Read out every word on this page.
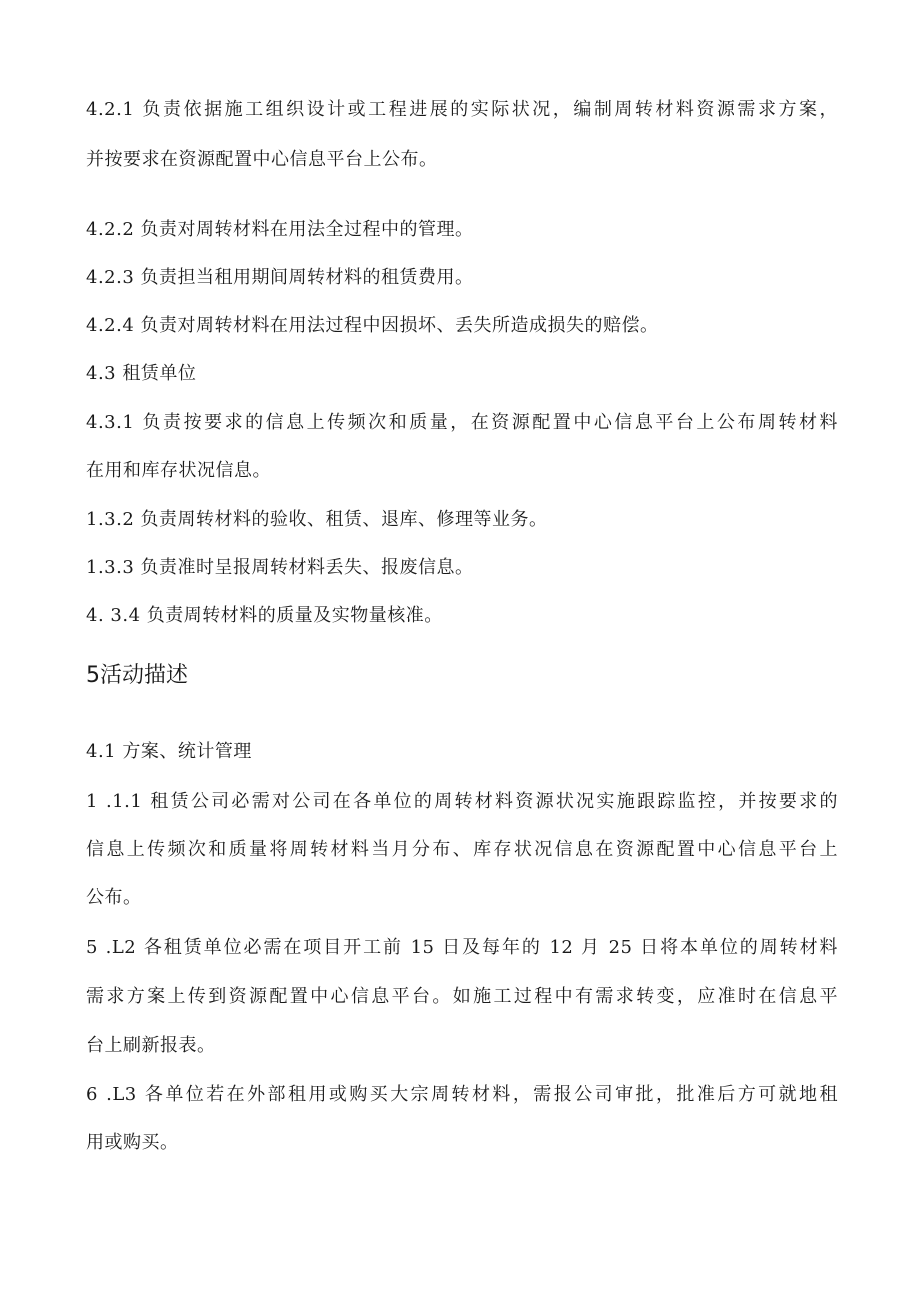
4.2.1 负责依据施工组织设计或工程进展的实际状况，编制周转材料资源需求方案，
并按要求在资源配置中心信息平台上公布。
4.2.2 负责对周转材料在用法全过程中的管理。
4.2.3 负责担当租用期间周转材料的租赁费用。
4.2.4 负责对周转材料在用法过程中因损坏、丢失所造成损失的赔偿。
4.3 租赁单位
4.3.1 负责按要求的信息上传频次和质量，在资源配置中心信息平台上公布周转材料
在用和库存状况信息。
1.3.2 负责周转材料的验收、租赁、退库、修理等业务。
1.3.3 负责准时呈报周转材料丢失、报废信息。
4. 3.4 负责周转材料的质量及实物量核准。
5活动描述
4.1 方案、统计管理
1 .1.1 租赁公司必需对公司在各单位的周转材料资源状况实施跟踪监控，并按要求的
信息上传频次和质量将周转材料当月分布、库存状况信息在资源配置中心信息平台上
公布。
5 .L2 各租赁单位必需在项目开工前 15 日及每年的 12 月 25 日将本单位的周转材料
需求方案上传到资源配置中心信息平台。如施工过程中有需求转变，应准时在信息平
台上刷新报表。
6 .L3 各单位若在外部租用或购买大宗周转材料，需报公司审批，批准后方可就地租
用或购买。
